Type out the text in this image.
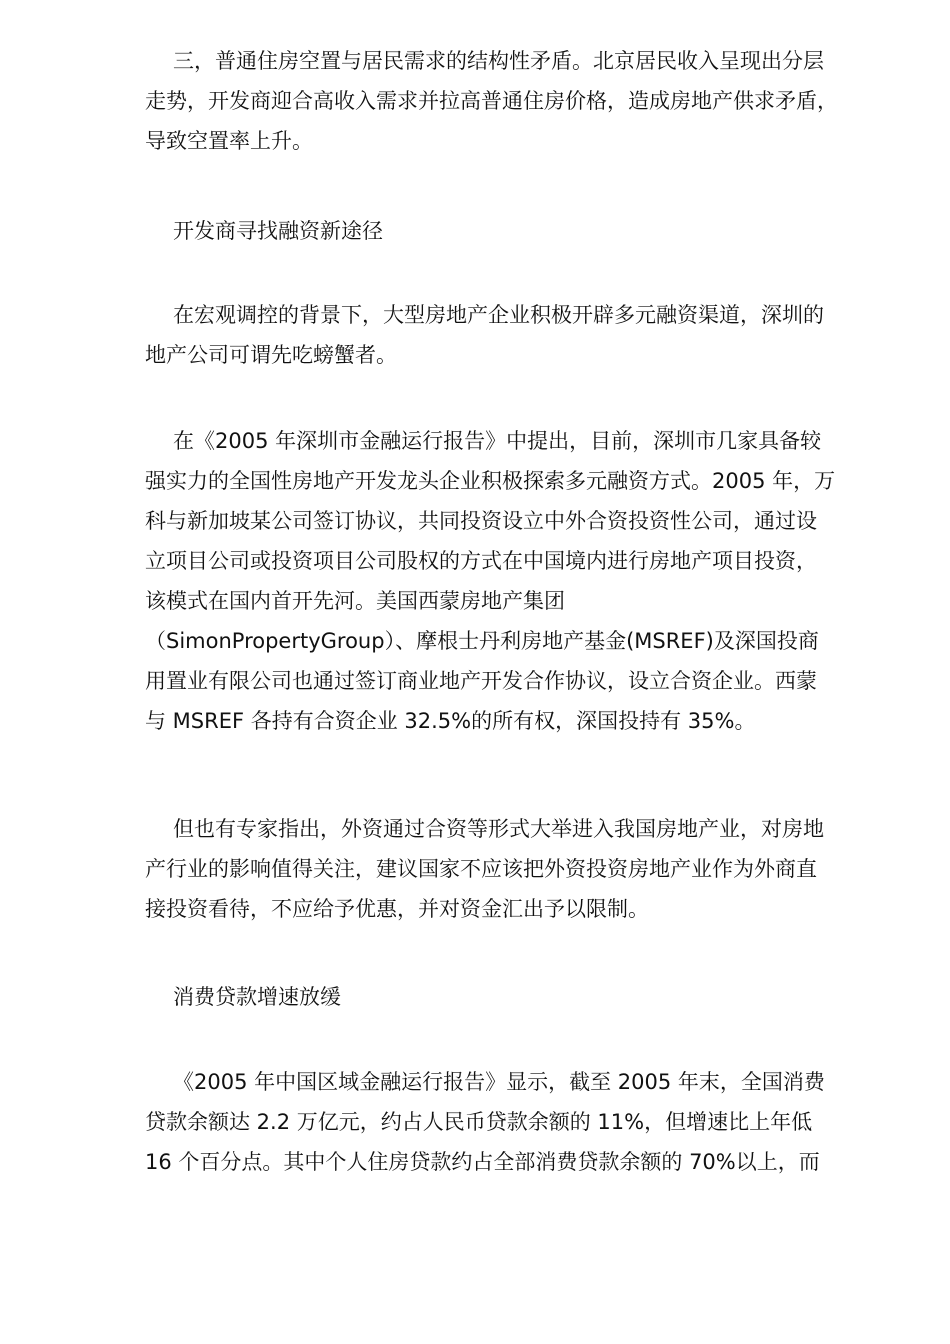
三，普通住房空置与居民需求的结构性矛盾。北京居民收入呈现出分层
走势，开发商迎合高收入需求并拉高普通住房价格，造成房地产供求矛盾，
导致空置率上升。
开发商寻找融资新途径
在宏观调控的背景下，大型房地产企业积极开辟多元融资渠道，深圳的
地产公司可谓先吃螃蟹者。
在《2005 年深圳市金融运行报告》中提出，目前，深圳市几家具备较
强实力的全国性房地产开发龙头企业积极探索多元融资方式。2005 年，万
科与新加坡某公司签订协议，共同投资设立中外合资投资性公司，通过设
立项目公司或投资项目公司股权的方式在中国境内进行房地产项目投资，
该模式在国内首开先河。美国西蒙房地产集团
（SimonPropertyGroup）、摩根士丹利房地产基金(MSREF)及深国投商
用置业有限公司也通过签订商业地产开发合作协议，设立合资企业。西蒙
与 MSREF 各持有合资企业 32.5%的所有权，深国投持有 35%。
但也有专家指出，外资通过合资等形式大举进入我国房地产业，对房地
产行业的影响值得关注，建议国家不应该把外资投资房地产业作为外商直
接投资看待，不应给予优惠，并对资金汇出予以限制。
消费贷款增速放缓
《2005 年中国区域金融运行报告》显示，截至 2005 年末，全国消费
贷款余额达 2.2 万亿元，约占人民币贷款余额的 11%，但增速比上年低
16 个百分点。其中个人住房贷款约占全部消费贷款余额的 70%以上，而
